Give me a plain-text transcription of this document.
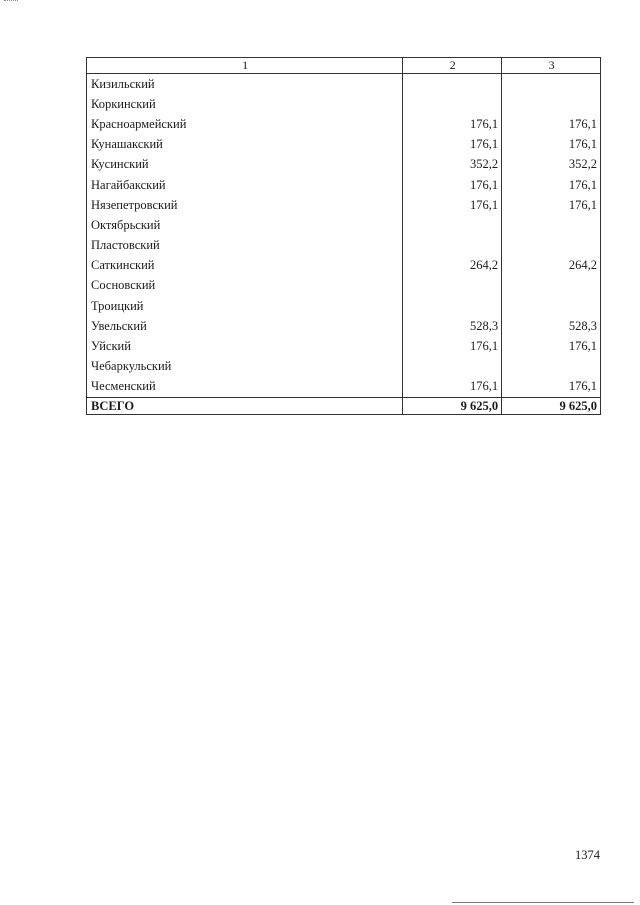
1	2	3
Кизильский		
Коркинский		
Красноармейский	176,1	176,1
Кунашакский	176,1	176,1
Кусинский	352,2	352,2
Нагайбакский	176,1	176,1
Нязепетровский	176,1	176,1
Октябрьский		
Пластовский		
Саткинский	264,2	264,2
Сосновский		
Троицкий		
Увельский	528,3	528,3
Уйский	176,1	176,1
Чебаркульский		
Чесменский	176,1	176,1
ВСЕГО	9 625,0	9 625,0
1374
